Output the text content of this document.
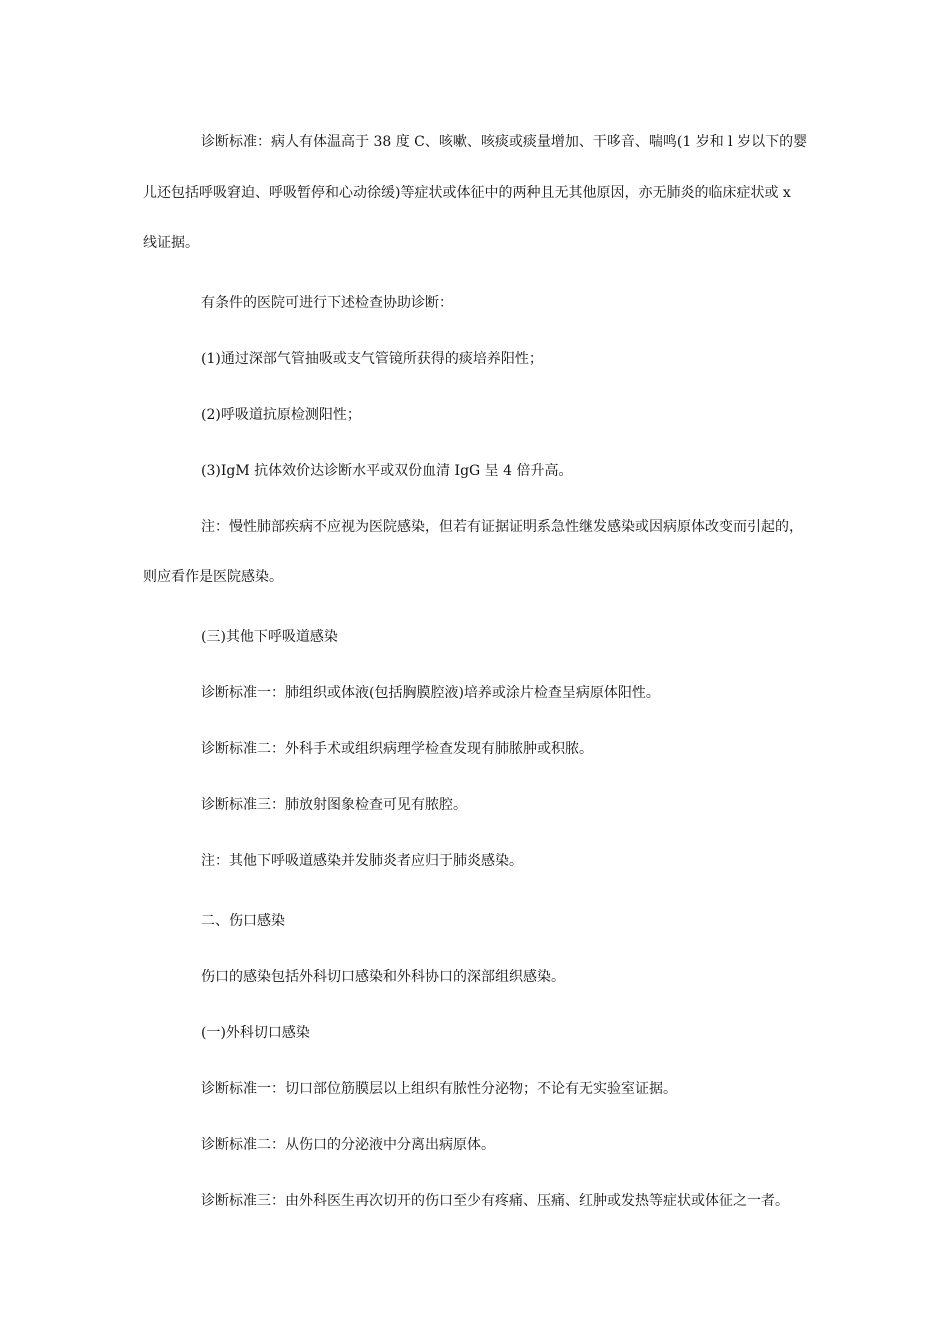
诊断标准：病人有体温高于 38 度 C、咳嗽、咳痰或痰量增加、干哆音、喘鸣(1 岁和 l 岁以下的婴
儿还包括呼吸窘迫、呼吸暂停和心动徐缓)等症状或体征中的两种且无其他原因，亦无肺炎的临床症状或 x
线证据。
有条件的医院可进行下述检查协助诊断：
(1)通过深部气管抽吸或支气管镜所获得的痰培养阳性；
(2)呼吸道抗原检测阳性；
(3)IgM 抗体效价达诊断水平或双份血清 IgG 呈 4 倍升高。
注：慢性肺部疾病不应视为医院感染，但若有证据证明系急性继发感染或因病原体改变而引起的，
则应看作是医院感染。
(三)其他下呼吸道感染
诊断标准一：肺组织或体液(包括胸膜腔液)培养或涂片检查呈病原体阳性。
诊断标准二：外科手术或组织病理学检查发现有肺脓肿或积脓。
诊断标准三：肺放射图象检查可见有脓腔。
注：其他下呼吸道感染并发肺炎者应归于肺炎感染。
二、伤口感染
伤口的感染包括外科切口感染和外科协口的深部组织感染。
(一)外科切口感染
诊断标准一：切口部位筋膜层以上组织有脓性分泌物；不论有无实验室证据。
诊断标准二：从伤口的分泌液中分离出病原体。
诊断标准三：由外科医生再次切开的伤口至少有疼痛、压痛、红肿或发热等症状或体征之一者。
